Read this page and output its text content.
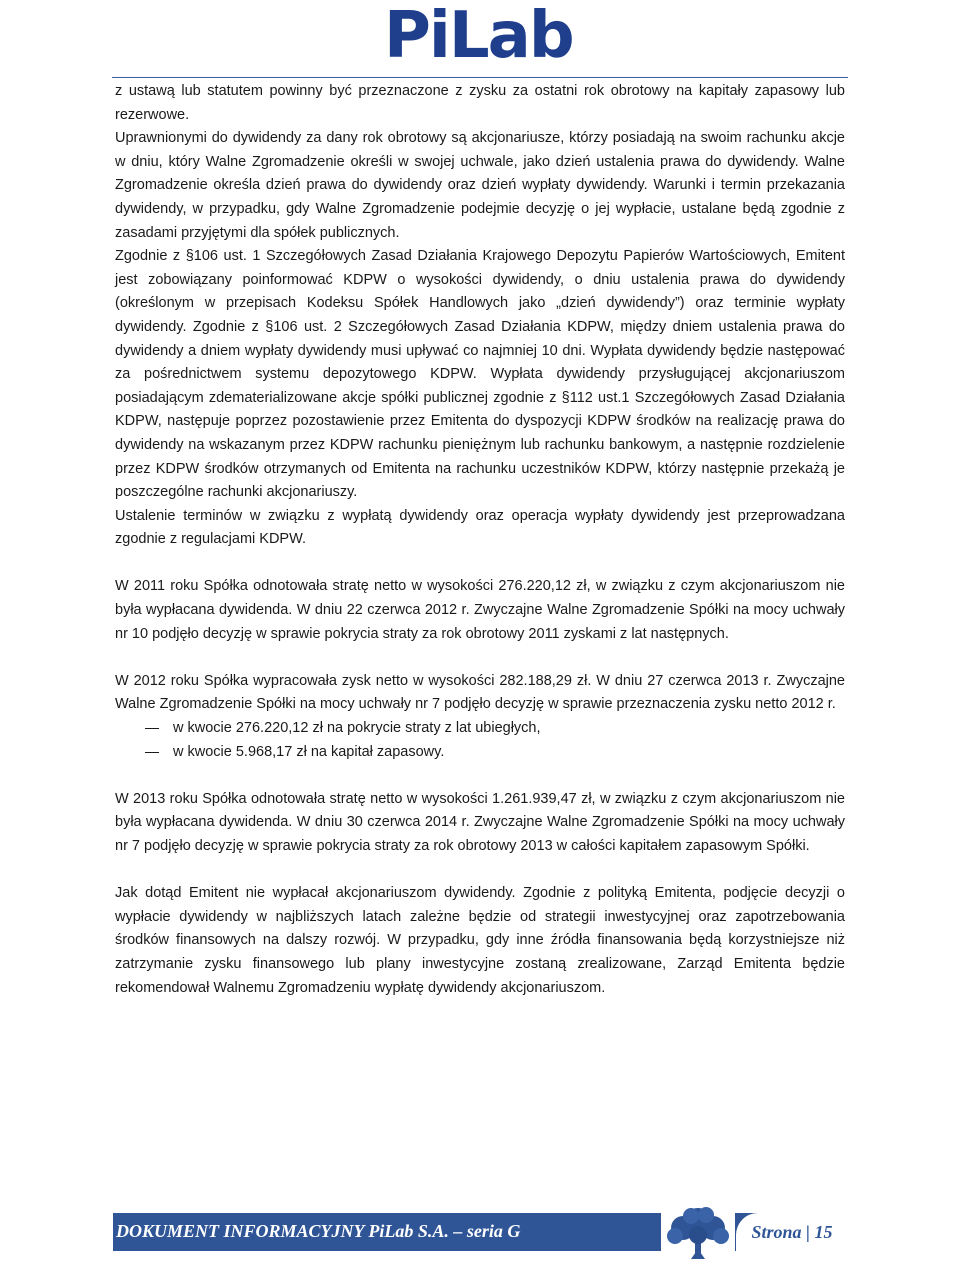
PiLab

z ustawą lub statutem powinny być przeznaczone z zysku za ostatni rok obrotowy na kapitały zapasowy lub rezerwowe.

Uprawnionymi do dywidendy za dany rok obrotowy są akcjonariusze, którzy posiadają na swoim rachunku akcje w dniu, który Walne Zgromadzenie określi w swojej uchwale, jako dzień ustalenia prawa do dywidendy. Walne Zgromadzenie określa dzień prawa do dywidendy oraz dzień wypłaty dywidendy. Warunki i termin przekazania dywidendy, w przypadku, gdy Walne Zgromadzenie podejmie decyzję o jej wypłacie, ustalane będą zgodnie z zasadami przyjętymi dla spółek publicznych.

Zgodnie z §106 ust. 1 Szczegółowych Zasad Działania Krajowego Depozytu Papierów Wartościowych, Emitent jest zobowiązany poinformować KDPW o wysokości dywidendy, o dniu ustalenia prawa do dywidendy (określonym w przepisach Kodeksu Spółek Handlowych jako „dzień dywidendy”) oraz terminie wypłaty dywidendy. Zgodnie z §106 ust. 2 Szczegółowych Zasad Działania KDPW, między dniem ustalenia prawa do dywidendy a dniem wypłaty dywidendy musi upływać co najmniej 10 dni. Wypłata dywidendy będzie następować za pośrednictwem systemu depozytowego KDPW. Wypłata dywidendy przysługującej akcjonariuszom posiadającym zdematerializowane akcje spółki publicznej zgodnie z §112 ust.1 Szczegółowych Zasad Działania KDPW, następuje poprzez pozostawienie przez Emitenta do dyspozycji KDPW środków na realizację prawa do dywidendy na wskazanym przez KDPW rachunku pieniężnym lub rachunku bankowym, a następnie rozdzielenie przez KDPW środków otrzymanych od Emitenta na rachunku uczestników KDPW, którzy następnie przekażą je poszczególne rachunki akcjonariuszy.

Ustalenie terminów w związku z wypłatą dywidendy oraz operacja wypłaty dywidendy jest przeprowadzana zgodnie z regulacjami KDPW.

W 2011 roku Spółka odnotowała stratę netto w wysokości 276.220,12 zł, w związku z czym akcjonariuszom nie była wypłacana dywidenda. W dniu 22 czerwca 2012 r. Zwyczajne Walne Zgromadzenie Spółki na mocy uchwały nr 10 podjęło decyzję w sprawie pokrycia straty za rok obrotowy 2011 zyskami z lat następnych.

W 2012 roku Spółka wypracowała zysk netto w wysokości 282.188,29 zł. W dniu 27 czerwca 2013 r. Zwyczajne Walne Zgromadzenie Spółki na mocy uchwały nr 7 podjęło decyzję w sprawie przeznaczenia zysku netto 2012 r.

w kwocie 276.220,12 zł na pokrycie straty z lat ubiegłych,
w kwocie 5.968,17 zł na kapitał zapasowy.

W 2013 roku Spółka odnotowała stratę netto w wysokości 1.261.939,47 zł, w związku z czym akcjonariuszom nie była wypłacana dywidenda. W dniu 30 czerwca 2014 r. Zwyczajne Walne Zgromadzenie Spółki na mocy uchwały nr 7 podjęło decyzję w sprawie pokrycia straty za rok obrotowy 2013 w całości kapitałem zapasowym Spółki.

Jak dotąd Emitent nie wypłacał akcjonariuszom dywidendy. Zgodnie z polityką Emitenta, podjęcie decyzji o wypłacie dywidendy w najbliższych latach zależne będzie od strategii inwestycyjnej oraz zapotrzebowania środków finansowych na dalszy rozwój. W przypadku, gdy inne źródła finansowania będą korzystniejsze niż zatrzymanie zysku finansowego lub plany inwestycyjne zostaną zrealizowane, Zarząd Emitenta będzie rekomendował Walnemu Zgromadzeniu wypłatę dywidendy akcjonariuszom.

DOKUMENT INFORMACYJNY PiLab S.A. – seria G	Strona | 15
